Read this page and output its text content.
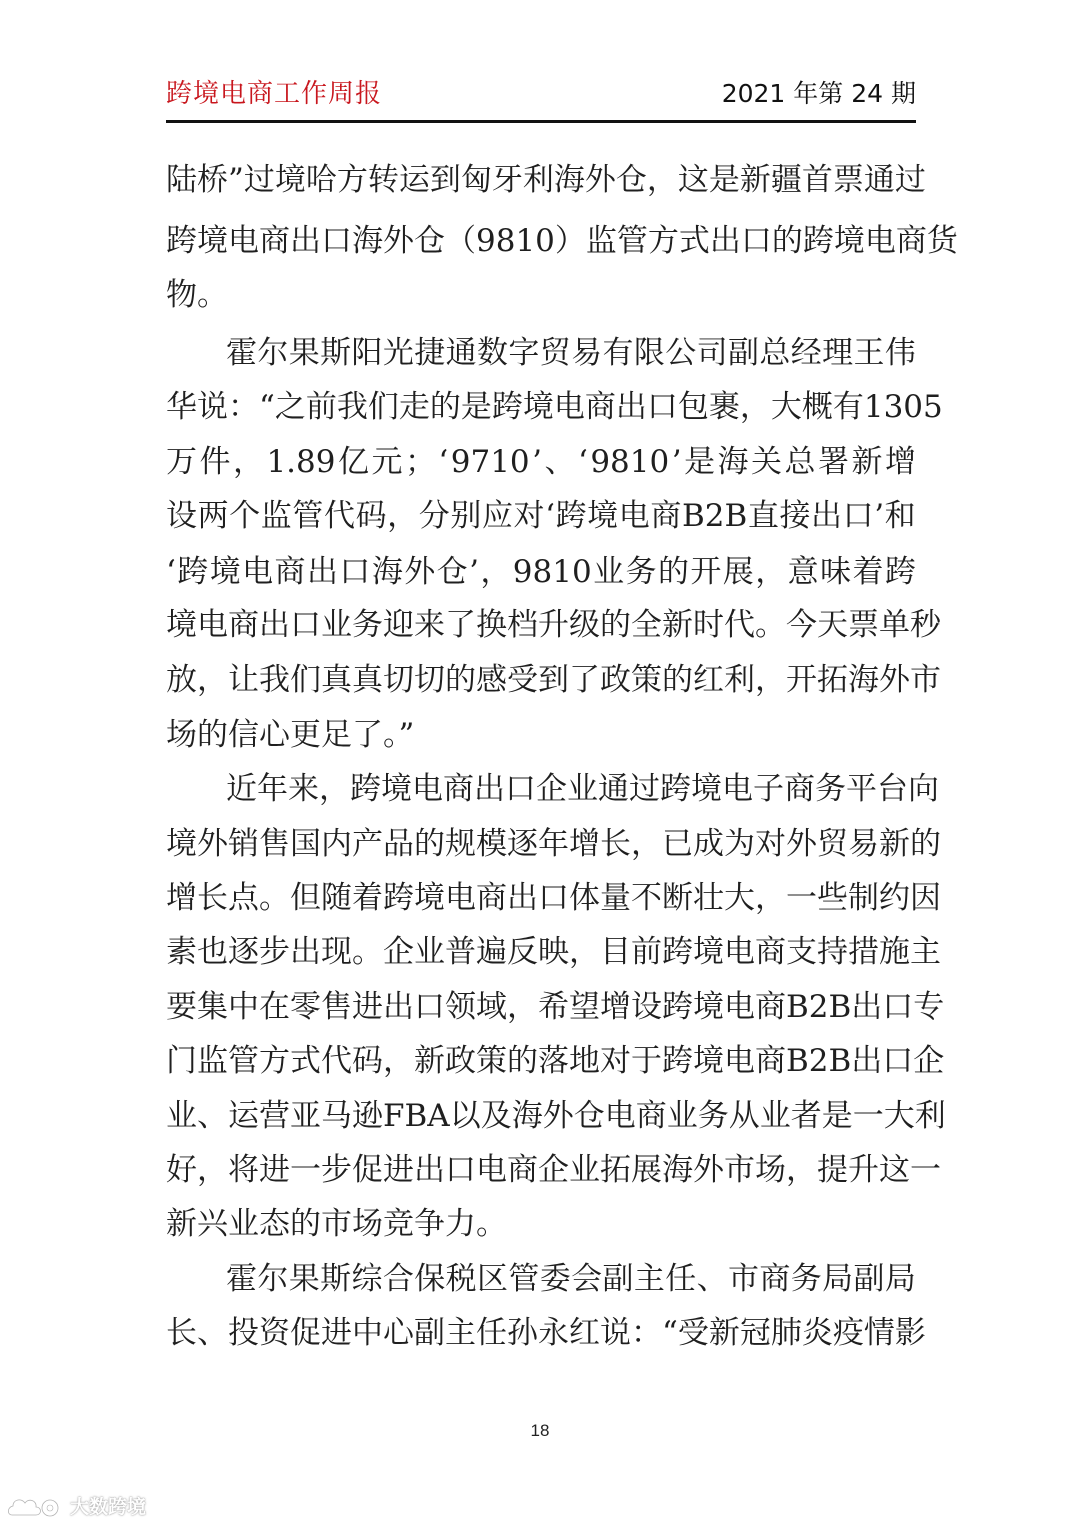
跨境电商工作周报	2021 年第 24 期
陆 桥 ” 过 境 哈 方 转 运 到 匈 牙 利 海 外 仓 ， 这 是 新 疆 首 票 通 过
跨 境 电 商 出 口 海 外 仓 （ 9810 ） 监 管 方 式 出 口 的 跨 境 电 商 货
物。
霍 尔 果 斯 阳 光 捷 通 数 字 贸 易 有 限 公 司 副 总 经 理 王 伟
华 说 ： “ 之 前 我 们 走 的 是 跨 境 电 商 出 口 包 裹 ， 大 概 有 1305
万 件 ， 1.89 亿 元 ； ‘ 9710 ’ 、 ‘ 9810 ’ 是 海 关 总 署 新 增
设 两 个 监 管 代 码 ， 分 别 应 对 ‘ 跨 境 电 商 B2B 直 接 出 口 ’ 和
‘ 跨 境 电 商 出 口 海 外 仓 ’ ， 9810 业 务 的 开 展 ， 意 味 着 跨
境 电 商 出 口 业 务 迎 来 了 换 档 升 级 的 全 新 时 代 。 今 天 票 单 秒
放 ， 让 我 们 真 真 切 切 的 感 受 到 了 政 策 的 红 利 ， 开 拓 海 外 市
场的信心更足了。”
近 年 来 ， 跨 境 电 商 出 口 企 业 通 过 跨 境 电 子 商 务 平 台 向
境 外 销 售 国 内 产 品 的 规 模 逐 年 增 长 ， 已 成 为 对 外 贸 易 新 的
增 长 点 。 但 随 着 跨 境 电 商 出 口 体 量 不 断 壮 大 ， 一 些 制 约 因
素 也 逐 步 出 现 。 企 业 普 遍 反 映 ， 目 前 跨 境 电 商 支 持 措 施 主
要 集 中 在 零 售 进 出 口 领 域 ， 希 望 增 设 跨 境 电 商 B2B 出 口 专
门 监 管 方 式 代 码 ， 新 政 策 的 落 地 对 于 跨 境 电 商 B2B 出 口 企
业 、 运 营 亚 马 逊 FBA 以 及 海 外 仓 电 商 业 务 从 业 者 是 一 大 利
好 ， 将 进 一 步 促 进 出 口 电 商 企 业 拓 展 海 外 市 场 ， 提 升 这 一
新兴业态的市场竞争力。
霍 尔 果 斯 综 合 保 税 区 管 委 会 副 主 任 、 市 商 务 局 副 局
长 、 投 资 促 进 中 心 副 主 任 孙 永 红 说 ： “ 受 新 冠 肺 炎 疫 情 影
18
大数跨境
